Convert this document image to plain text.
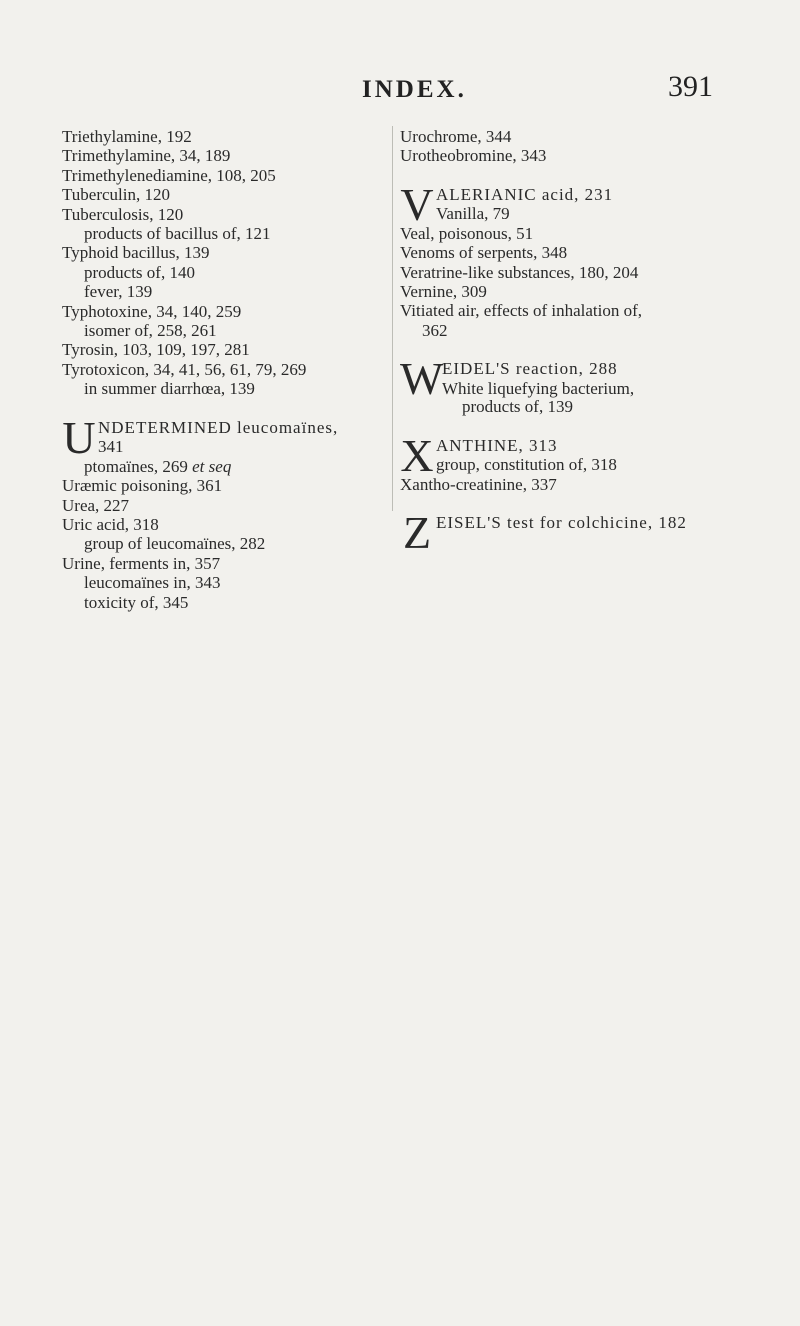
INDEX.	391
Triethylamine, 192
Trimethylamine, 34, 189
Trimethylenediamine, 108, 205
Tuberculin, 120
Tuberculosis, 120
products of bacillus of, 121
Typhoid bacillus, 139
products of, 140
fever, 139
Typhotoxine, 34, 140, 259
isomer of, 258, 261
Tyrosin, 103, 109, 197, 281
Tyrotoxicon, 34, 41, 56, 61, 79, 269
in summer diarrhœa, 139
U NDETERMINED leucomaïnes,
341
ptomaïnes, 269 et seq
Uræmic poisoning, 361
Urea, 227
Uric acid, 318
group of leucomaïnes, 282
Urine, ferments in, 357
leucomaïnes in, 343
toxicity of, 345
Urochrome, 344
Urotheobromine, 343
V ALERIANIC acid, 231
Vanilla, 79
Veal, poisonous, 51
Venoms of serpents, 348
Veratrine-like substances, 180, 204
Vernine, 309
Vitiated air, effects of inhalation of,
362
W
EIDEL'S reaction, 288
White liquefying bacterium,
products of, 139
X ANTHINE, 313
group, constitution of, 318
Xantho-creatinine, 337
Z EISEL'S test for colchicine, 182
